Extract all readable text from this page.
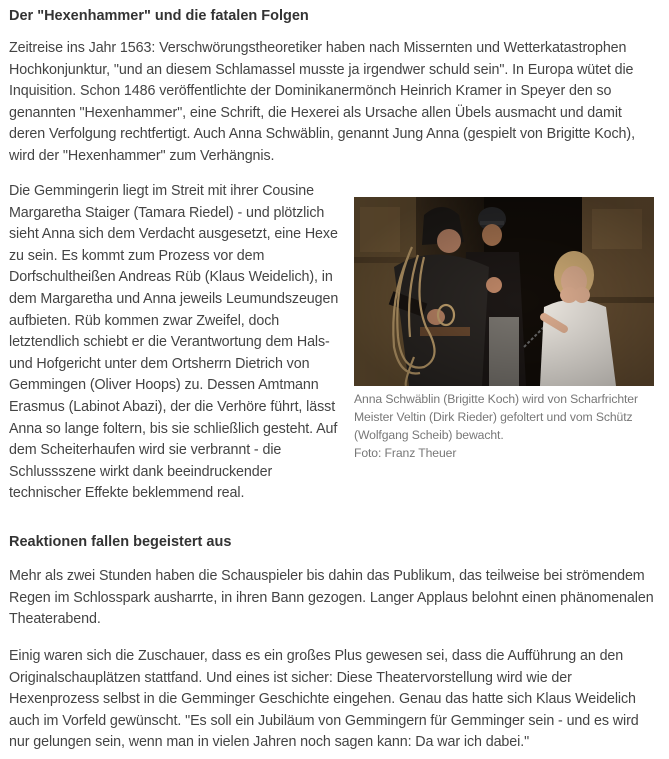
Der "Hexenhammer" und die fatalen Folgen

Zeitreise ins Jahr 1563: Verschwörungstheoretiker haben nach Missernten und Wetterkatastrophen Hochkonjunktur, "und an diesem Schlamassel musste ja irgendwer schuld sein". In Europa wütet die Inquisition. Schon 1486 veröffentlichte der Dominikanermönch Heinrich Kramer in Speyer den so genannten "Hexenhammer", eine Schrift, die Hexerei als Ursache allen Übels ausmacht und damit deren Verfolgung rechtfertigt. Auch Anna Schwäblin, genannt Jung Anna (gespielt von Brigitte Koch), wird der "Hexenhammer" zum Verhängnis.

Die Gemmingerin liegt im Streit mit ihrer Cousine Margaretha Staiger (Tamara Riedel) - und plötzlich sieht Anna sich dem Verdacht ausgesetzt, eine Hexe zu sein. Es kommt zum Prozess vor dem Dorfschultheißen Andreas Rüb (Klaus Weidelich), in dem Margaretha und Anna jeweils Leumundszeugen aufbieten. Rüb kommen zwar Zweifel, doch letztendlich schiebt er die Verantwortung dem Hals- und Hofgericht unter dem Ortsherrn Dietrich von Gemmingen (Oliver Hoops) zu. Dessen Amtmann Erasmus (Labinot Abazi), der die Verhöre führt, lässt Anna so lange foltern, bis sie schließlich gesteht. Auf dem Scheiterhaufen wird sie verbrannt - die Schlussszene wirkt dank beeindruckender technischer Effekte beklemmend real.

Anna Schwäblin (Brigitte Koch) wird von Scharfrichter Meister Veltin (Dirk Rieder) gefoltert und vom Schütz (Wolfgang Scheib) bewacht.
Foto: Franz Theuer
Reaktionen fallen begeistert aus

Mehr als zwei Stunden haben die Schauspieler bis dahin das Publikum, das teilweise bei strömendem Regen im Schlosspark ausharrte, in ihren Bann gezogen. Langer Applaus belohnt einen phänomenalen Theaterabend.

Einig waren sich die Zuschauer, dass es ein großes Plus gewesen sei, dass die Aufführung an den Originalschauplätzen stattfand. Und eines ist sicher: Diese Theatervorstellung wird wie der Hexenprozess selbst in die Gemminger Geschichte eingehen. Genau das hatte sich Klaus Weidelich auch im Vorfeld gewünscht. "Es soll ein Jubiläum von Gemmingern für Gemminger sein - und es wird nur gelungen sein, wenn man in vielen Jahren noch sagen kann: Da war ich dabei."
